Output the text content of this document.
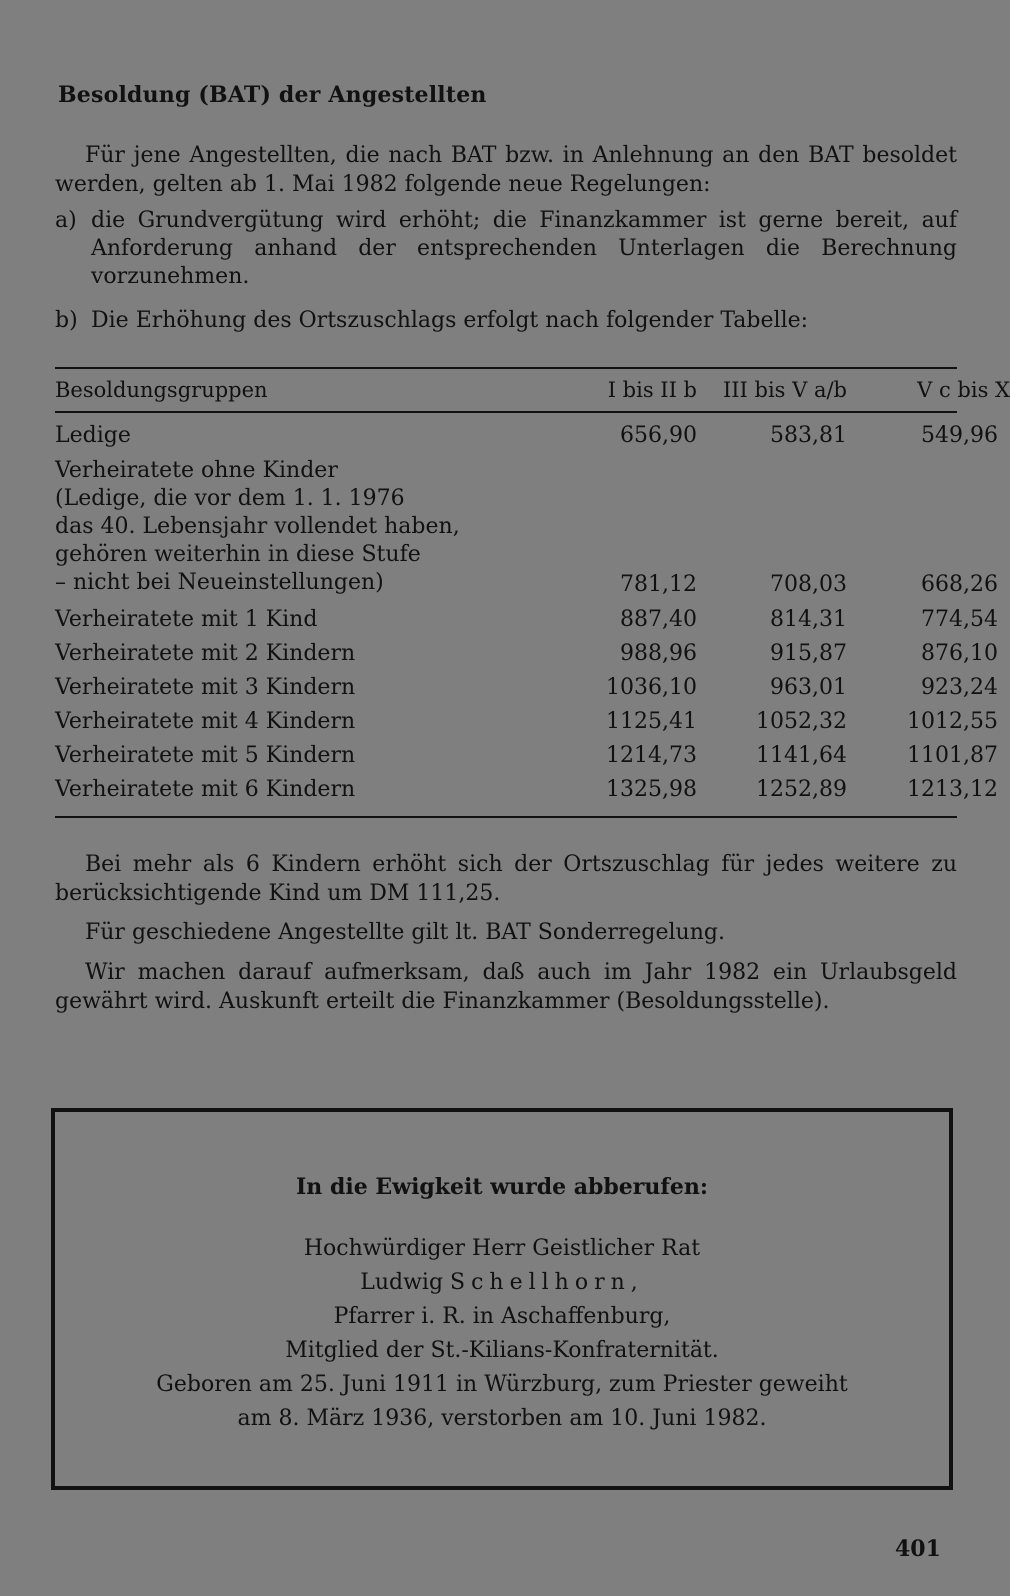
Besoldung (BAT) der Angestellten
Für jene Angestellten, die nach BAT bzw. in Anlehnung an den BAT besoldet werden, gelten ab 1. Mai 1982 folgende neue Regelungen:
a) die Grundvergütung wird erhöht; die Finanzkammer ist gerne bereit, auf Anforderung anhand der entsprechenden Unterlagen die Berechnung vorzunehmen.
b) Die Erhöhung des Ortszuschlags erfolgt nach folgender Tabelle:
Besoldungsgruppen	I bis II b	III bis V a/b	V c bis X
Ledige	656,90	583,81	549,96
Verheiratete ohne Kinder
(Ledige, die vor dem 1. 1. 1976
das 40. Lebensjahr vollendet haben,
gehören weiterhin in diese Stufe
– nicht bei Neueinstellungen)	781,12	708,03	668,26
Verheiratete mit 1 Kind	887,40	814,31	774,54
Verheiratete mit 2 Kindern	988,96	915,87	876,10
Verheiratete mit 3 Kindern	1036,10	963,01	923,24
Verheiratete mit 4 Kindern	1125,41	1052,32	1012,55
Verheiratete mit 5 Kindern	1214,73	1141,64	1101,87
Verheiratete mit 6 Kindern	1325,98	1252,89	1213,12
Bei mehr als 6 Kindern erhöht sich der Ortszuschlag für jedes weitere zu berücksichtigende Kind um DM 111,25.
Für geschiedene Angestellte gilt lt. BAT Sonderregelung.
Wir machen darauf aufmerksam, daß auch im Jahr 1982 ein Urlaubsgeld gewährt wird. Auskunft erteilt die Finanzkammer (Besoldungsstelle).
In die Ewigkeit wurde abberufen:
Hochwürdiger Herr Geistlicher Rat
Ludwig Schellhorn,
Pfarrer i. R. in Aschaffenburg,
Mitglied der St.-Kilians-Konfraternität.
Geboren am 25. Juni 1911 in Würzburg, zum Priester geweiht
am 8. März 1936, verstorben am 10. Juni 1982.
401
